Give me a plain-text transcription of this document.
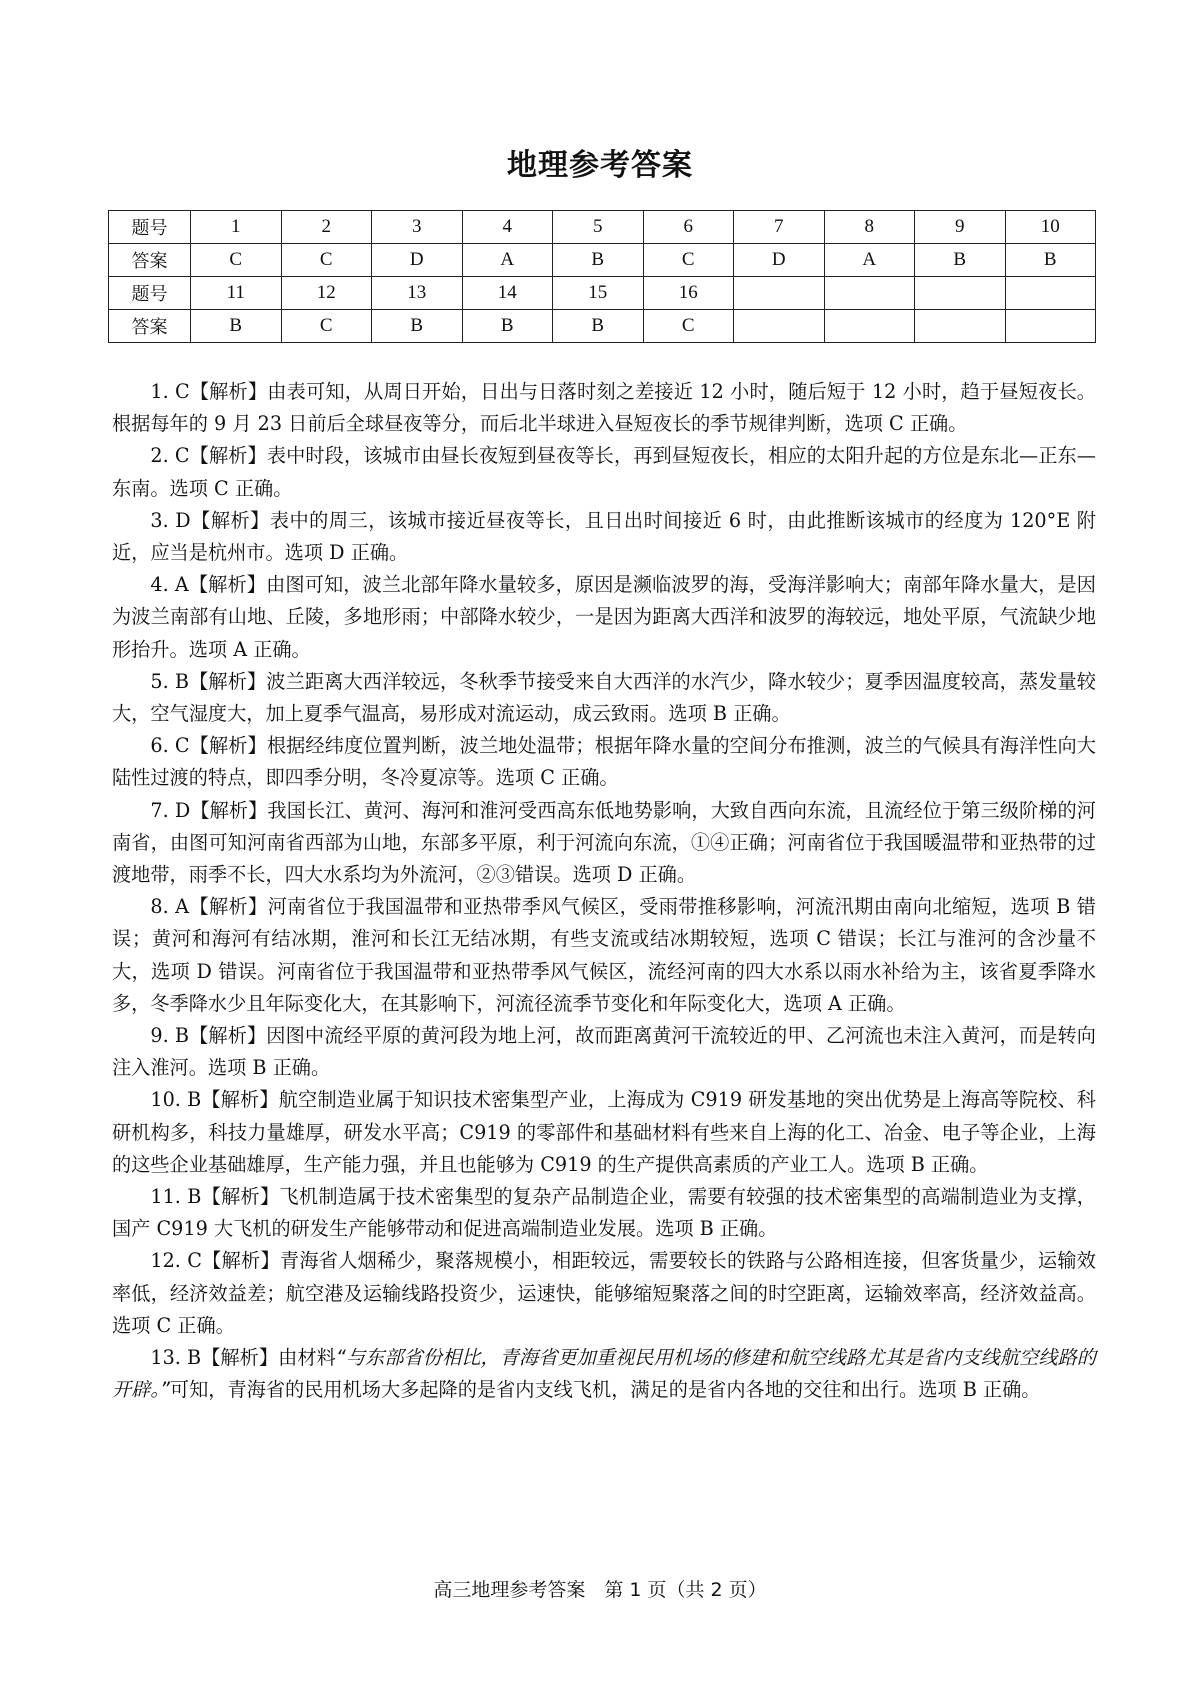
地理参考答案
题号	1	2	3	4	5	6	7	8	9	10
答案	C	C	D	A	B	C	D	A	B	B
题号	11	12	13	14	15	16				
答案	B	C	B	B	B	C				

1. C【解析】由表可知，从周日开始，日出与日落时刻之差接近 12 小时，随后短于 12 小时，趋于昼短夜长。根据每年的 9 月 23 日前后全球昼夜等分，而后北半球进入昼短夜长的季节规律判断，选项 C 正确。

2. C【解析】表中时段，该城市由昼长夜短到昼夜等长，再到昼短夜长，相应的太阳升起的方位是东北—正东—东南。选项 C 正确。

3. D【解析】表中的周三，该城市接近昼夜等长，且日出时间接近 6 时，由此推断该城市的经度为 120°E 附近，应当是杭州市。选项 D 正确。

4. A【解析】由图可知，波兰北部年降水量较多，原因是濒临波罗的海，受海洋影响大；南部年降水量大，是因为波兰南部有山地、丘陵，多地形雨；中部降水较少，一是因为距离大西洋和波罗的海较远，地处平原，气流缺少地形抬升。选项 A 正确。

5. B【解析】波兰距离大西洋较远，冬秋季节接受来自大西洋的水汽少，降水较少；夏季因温度较高，蒸发量较大，空气湿度大，加上夏季气温高，易形成对流运动，成云致雨。选项 B 正确。

6. C【解析】根据经纬度位置判断，波兰地处温带；根据年降水量的空间分布推测，波兰的气候具有海洋性向大陆性过渡的特点，即四季分明，冬冷夏凉等。选项 C 正确。

7. D【解析】我国长江、黄河、海河和淮河受西高东低地势影响，大致自西向东流，且流经位于第三级阶梯的河南省，由图可知河南省西部为山地，东部多平原，利于河流向东流，①④正确；河南省位于我国暖温带和亚热带的过渡地带，雨季不长，四大水系均为外流河，②③错误。选项 D 正确。

8. A【解析】河南省位于我国温带和亚热带季风气候区，受雨带推移影响，河流汛期由南向北缩短，选项 B 错误；黄河和海河有结冰期，淮河和长江无结冰期，有些支流或结冰期较短，选项 C 错误；长江与淮河的含沙量不大，选项 D 错误。河南省位于我国温带和亚热带季风气候区，流经河南的四大水系以雨水补给为主，该省夏季降水多，冬季降水少且年际变化大，在其影响下，河流径流季节变化和年际变化大，选项 A 正确。

9. B【解析】因图中流经平原的黄河段为地上河，故而距离黄河干流较近的甲、乙河流也未注入黄河，而是转向注入淮河。选项 B 正确。

10. B【解析】航空制造业属于知识技术密集型产业，上海成为 C919 研发基地的突出优势是上海高等院校、科研机构多，科技力量雄厚，研发水平高；C919 的零部件和基础材料有些来自上海的化工、冶金、电子等企业，上海的这些企业基础雄厚，生产能力强，并且也能够为 C919 的生产提供高素质的产业工人。选项 B 正确。

11. B【解析】飞机制造属于技术密集型的复杂产品制造企业，需要有较强的技术密集型的高端制造业为支撑，国产 C919 大飞机的研发生产能够带动和促进高端制造业发展。选项 B 正确。

12. C【解析】青海省人烟稀少，聚落规模小，相距较远，需要较长的铁路与公路相连接，但客货量少，运输效率低，经济效益差；航空港及运输线路投资少，运速快，能够缩短聚落之间的时空距离，运输效率高，经济效益高。选项 C 正确。

13. B【解析】由材料“与东部省份相比，青海省更加重视民用机场的修建和航空线路尤其是省内支线航空线路的开辟。”可知，青海省的民用机场大多起降的是省内支线飞机，满足的是省内各地的交往和出行。选项 B 正确。

高三地理参考答案　第 1 页（共 2 页）
